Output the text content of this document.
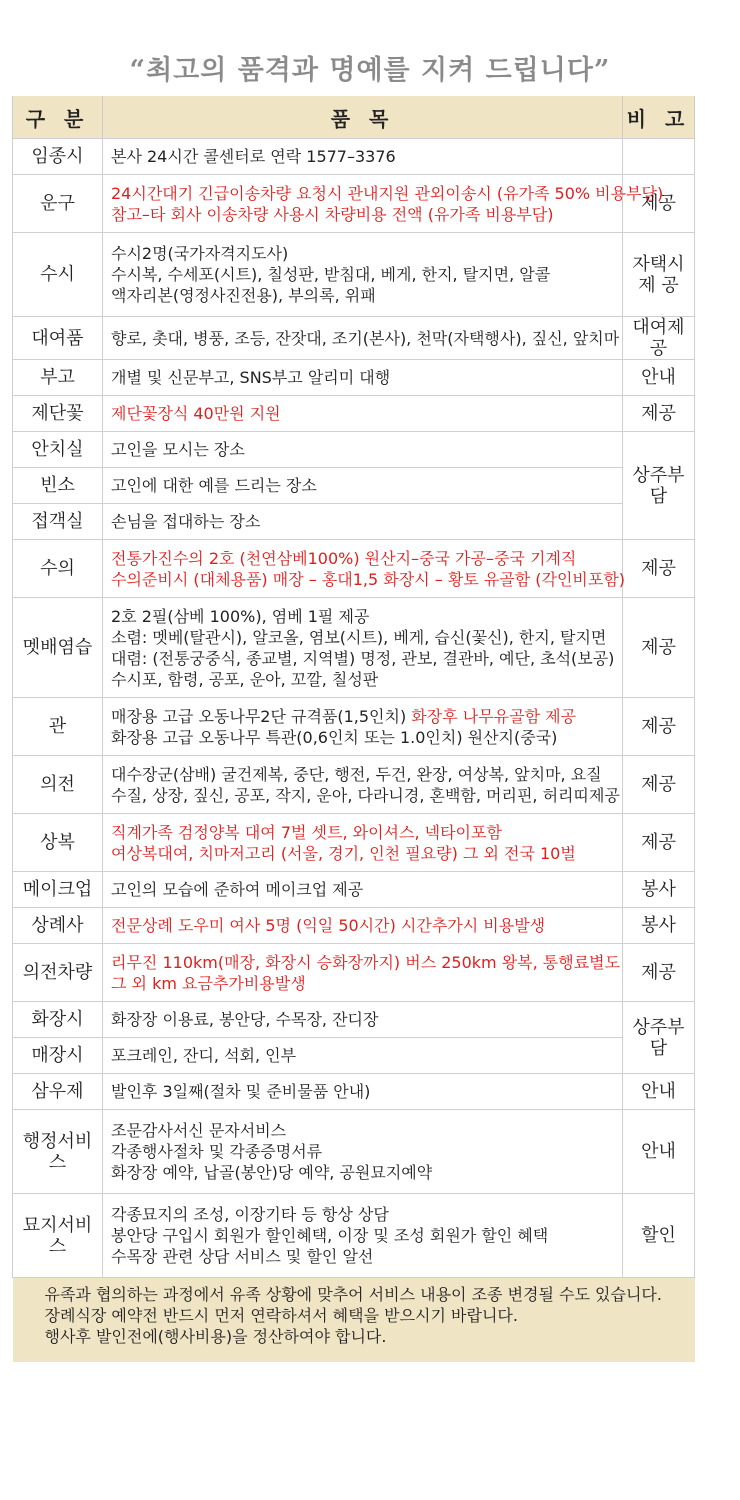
“최고의 품격과 명예를 지켜 드립니다”
구 분	품 목	비 고
임종시	본사 24시간 콜센터로 연락 1577–3376	

운구	24시간대기 긴급이송차량 요청시 관내지원 관외이송시 (유가족 50% 비용부담)
참고–타 회사 이송차량 사용시 차량비용 전액 (유가족 비용부담)	제공
수시	수시2명(국가자격지도사)
수시복, 수세포(시트), 칠성판, 받침대, 베게, 한지, 탈지면, 알콜
액자리본(영정사진전용), 부의록, 위패	자택시
제 공

대여품	향로, 촛대, 병풍, 조등, 잔잣대, 조기(본사), 천막(자택행사), 짚신, 앞치마	대여제공
부고	개별 및 신문부고, SNS부고 알리미 대행	안내
제단꽃	제단꽃장식 40만원 지원	제공
안치실	고인을 모시는 장소	상주부담
빈소	고인에 대한 예를 드리는 장소	

접객실	손님을 접대하는 장소	

수의	전통가진수의 2호 (천연삼베100%) 원산지–중국 가공–중국 기계직
수의준비시 (대체용품) 매장 – 홍대1,5 화장시 – 황토 유골함 (각인비포함)	제공
멧배염습	2호 2필(삼베 100%), 염베 1필 제공
소렴: 멧베(탈관시), 알코올, 염보(시트), 베게, 습신(꽃신), 한지, 탈지면
대렴: (전통궁중식, 종교별, 지역별) 명정, 관보, 결관바, 예단, 초석(보공)
수시포, 함령, 공포, 운아, 꼬깔, 칠성판	제공
관	매장용 고급 오동나무2단 규격품(1,5인치) 화장후 나무유골함 제공
화장용 고급 오동나무 특관(0,6인치 또는 1.0인치) 원산지(중국)	제공
의전	대수장군(삼배) 굴건제복, 중단, 행전, 두건, 완장, 여상복, 앞치마, 요질
수질, 상장, 짚신, 공포, 작지, 운아, 다라니경, 혼백함, 머리핀, 허리띠제공	제공
상복	직계가족 검정양복 대여 7벌 셋트, 와이셔스, 넥타이포함
여상복대여, 치마저고리 (서울, 경기, 인천 필요량) 그 외 전국 10벌	제공
메이크업	고인의 모습에 준하여 메이크업 제공	봉사
상례사	전문상례 도우미 여사 5명 (익일 50시간) 시간추가시 비용발생	봉사
의전차량	리무진 110km(매장, 화장시 승화장까지) 버스 250km 왕복, 통행료별도
그 외 km 요금추가비용발생	제공
화장시	화장장 이용료, 봉안당, 수목장, 잔디장	상주부담
매장시	포크레인, 잔디, 석회, 인부	

삼우제	발인후 3일째(절차 및 준비물품 안내)	안내
행정서비스	조문감사서신 문자서비스
각종행사절차 및 각종증명서류
화장장 예약, 납골(봉안)당 예약, 공원묘지예약	안내
묘지서비스	각종묘지의 조성, 이장기타 등 항상 상담
봉안당 구입시 회원가 할인혜택, 이장 및 조성 회원가 할인 혜택
수목장 관련 상담 서비스 및 할인 알선	할인

유족과 협의하는 과정에서 유족 상황에 맞추어 서비스 내용이 조종 변경될 수도 있습니다.
장례식장 예약전 반드시 먼저 연락하셔서 혜택을 받으시기 바랍니다.
행사후 발인전에(행사비용)을 정산하여야 합니다.		
